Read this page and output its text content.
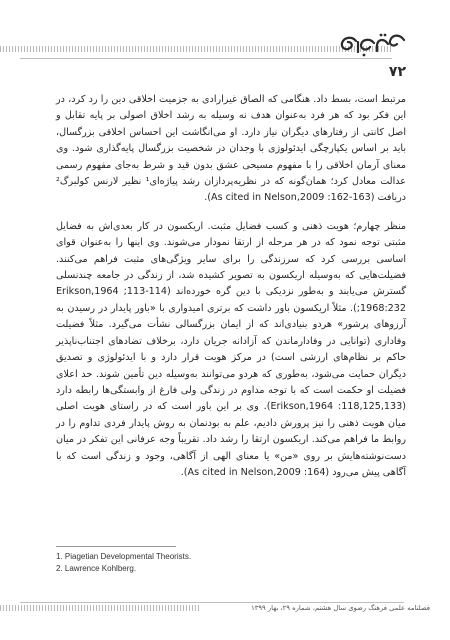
۷۲

مرتبط است، بسط داد. هنگامی که الصاق غیرارادی به جزمیت اخلاقی دین را رد کرد، در این فکر بود که هر فرد به‌عنوان هدف نه وسیله به رشد اخلاق اصولی بر پایه تقابل و اصل کانتی از رفتارهای دیگران نیاز دارد. او می‌انگاشت این احساس اخلاقی بزرگسال، باید بر اساس یکپارچگی ایدئولوژی با وجدان در شخصیت بزرگسال پایه‌گذاری شود. وی معنای آرمان اخلاقی را با مفهوم مسیحی عشق بدون قید و شرط به‌جای مفهوم رسمی عدالت معادل کرد؛ همان‌گونه که در نظریه‌پردازان رشد پیاژه‌ای¹ نظیر لارنس کولبرگ² دریافت (As cited in Nelson,2009 :162-163).

منظر چهارم؛ هویت ذهنی و کسب فضایل مثبت. اریکسون در کار بعدی‌اش به فضایل مثبتی توجه نمود که در هر مرحله از ارتقا نمودار می‌شوند. وی اینها را به‌عنوان قوای اساسی بررسی کرد که سرزندگی را برای سایر ویژگی‌های مثبت فراهم می‌کنند. فضیلت‌هایی که به‌وسیله اریکسون به تصویر کشیده شد، از زندگی در جامعه چندنسلی گسترش می‌یابند و به‌طور نزدیکی با دین گره خورده‌اند (Erikson,1964 ;113-114 ;1968:232). مثلاً اریکسون باور داشت که برتری امیدواری با «باور پایدار در رسیدن به آرزوهای پرشور» هردو بنیادی‌اند که از ایمان بزرگسالی نشأت می‌گیرد. مثلاً فضیلت وفاداری (توانایی در وفادارماندن که آزادانه جریان دارد، برخلاف تضادهای اجتناب‌ناپذیر حاکم بر نظام‌های ارزشی است) در مرکز هویت قرار دارد و با ایدئولوژی و تصدیق دیگران حمایت می‌شود، به‌طوری که هردو می‌توانند به‌وسیله دین تأمین شوند. حد اعلای فضیلت او حکمت است که با توجه مداوم در زندگی ولی فارغ از وابستگی‌ها رابطه دارد (Erikson,1964 :118,125,133). وی بر این باور است که در راستای هویت اصلی میان هویت ذهنی را نیز پرورش دادیم، علم به بودنمان به روش پایدار فردی تداوم را در روابط ما فراهم می‌کند. اریکسون ارتقا را رشد داد. تقریباً وجه عرفانی این تفکر در میان دست‌نوشته‌هایش بر روی «من» یا معنای الهی از آگاهی، وجود و زندگی است که با آگاهی پیش می‌رود (As cited in Nelson,2009 :164).

1. Piagetian Developmental Theorists.
2. Lawrence Kohlberg.
فصلنامه علمی فرهنگ رضوی سال هشتم، شماره ۲۹، بهار ۱۳۹۹
